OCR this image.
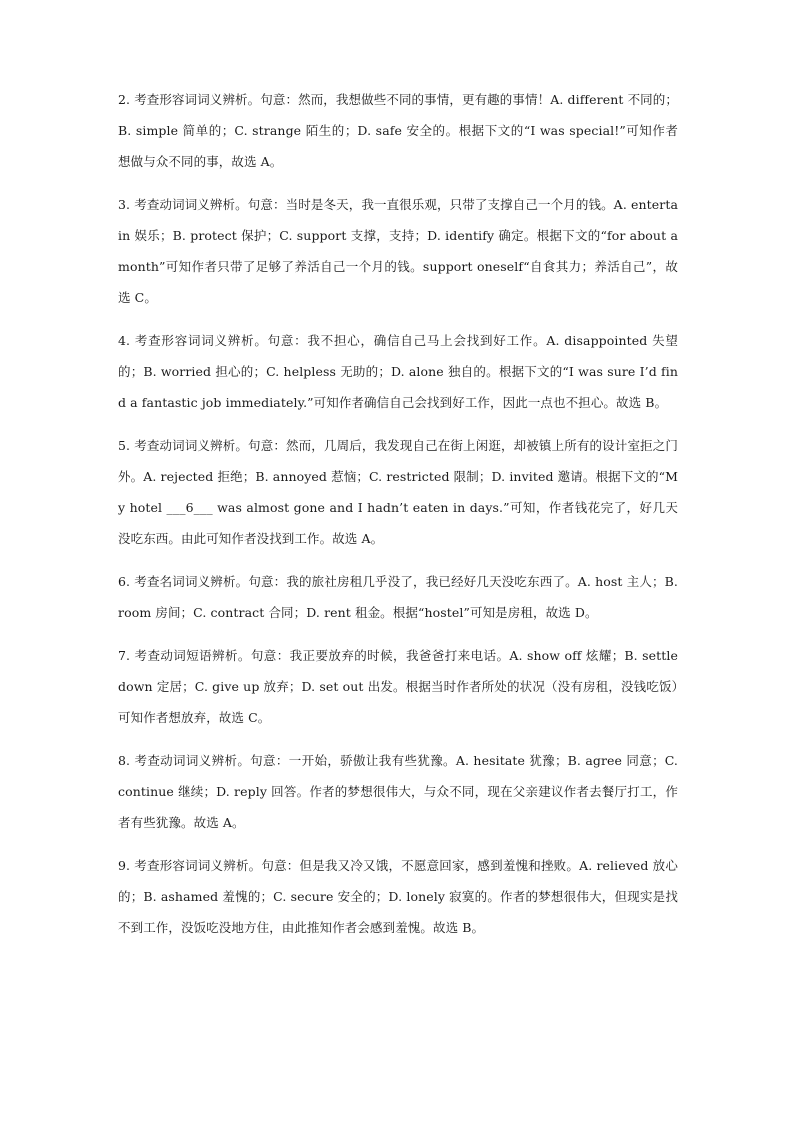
2. 考查形容词词义辨析。句意：然而，我想做些不同的事情，更有趣的事情！A. different 不同的；B. simple 简单的；C. strange 陌生的；D. safe 安全的。根据下文的“I was special!”可知作者想做与众不同的事，故选 A。

3. 考查动词词义辨析。句意：当时是冬天，我一直很乐观，只带了支撑自己一个月的钱。A. entertain 娱乐；B. protect 保护；C. support 支撑，支持；D. identify 确定。根据下文的“for about a month”可知作者只带了足够了养活自己一个月的钱。support oneself“自食其力；养活自己”，故选 C。

4. 考查形容词词义辨析。句意：我不担心，确信自己马上会找到好工作。A. disappointed 失望的；B. worried 担心的；C. helpless 无助的；D. alone 独自的。根据下文的“I was sure I’d find a fantastic job immediately.”可知作者确信自己会找到好工作，因此一点也不担心。故选 B。

5. 考查动词词义辨析。句意：然而，几周后，我发现自己在街上闲逛，却被镇上所有的设计室拒之门外。A. rejected 拒绝；B. annoyed 惹恼；C. restricted 限制；D. invited 邀请。根据下文的“My hotel ___6___ was almost gone and I hadn’t eaten in days.”可知，作者钱花完了，好几天没吃东西。由此可知作者没找到工作。故选 A。

6. 考查名词词义辨析。句意：我的旅社房租几乎没了，我已经好几天没吃东西了。A. host 主人；B. room 房间；C. contract 合同；D. rent 租金。根据“hostel”可知是房租，故选 D。

7. 考查动词短语辨析。句意：我正要放弃的时候，我爸爸打来电话。A. show off 炫耀；B. settle down 定居；C. give up 放弃；D. set out 出发。根据当时作者所处的状况（没有房租，没钱吃饭）可知作者想放弃，故选 C。

8. 考查动词词义辨析。句意：一开始，骄傲让我有些犹豫。A. hesitate 犹豫；B. agree 同意；C. continue 继续；D. reply 回答。作者的梦想很伟大，与众不同，现在父亲建议作者去餐厅打工，作者有些犹豫。故选 A。

9. 考查形容词词义辨析。句意：但是我又冷又饿，不愿意回家，感到羞愧和挫败。A. relieved 放心的；B. ashamed 羞愧的；C. secure 安全的；D. lonely 寂寞的。作者的梦想很伟大，但现实是找不到工作，没饭吃没地方住，由此推知作者会感到羞愧。故选 B。
